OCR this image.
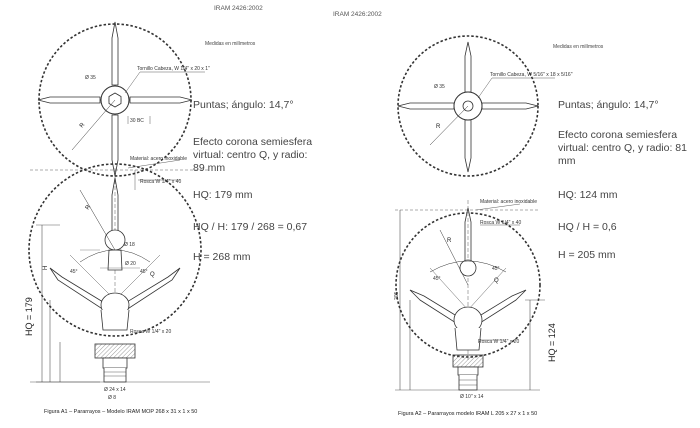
IRAM 2426:2002
IRAM 2426:2002
Medidas en milímetros	Medidas en milímetros
Ø 35
Tornillo Cabeza, W 1/4" x 20 x 1"
30 BC
R
Material: acero inoxidable
Rosca W 1/4" x 40
Ø 18
Ø 20
R
Q
45°	45°
Rosca W 1/4" x 20
Ø 24 x 14
Ø 8
H
HQ = 179
Ø 35
Tornillo Cabeza, W 5/16" x 18 x 5/16"
R
Material: acero inoxidable
Rosca W 1/4" x 40
R
Q
45°
45°
Rosca W 1/4" x 20
Ø 10" x 14
205
HQ = 124
Figura A1 – Pararrayos – Modelo IRAM MOP 268 x 31 x 1 x 50	Figura A2 – Pararrayos modelo IRAM L 205 x 27 x 1 x 50
Puntas; ángulo: 14,7°
Efecto corona semiesfera
virtual: centro Q, y radio:
89 mm
HQ: 179 mm
HQ / H: 179 / 268 = 0,67
H = 268 mm
Puntas; ángulo: 14,7°
Efecto corona semiesfera
virtual: centro Q, y radio: 81
mm
HQ: 124 mm
HQ / H = 0,6
H = 205 mm
